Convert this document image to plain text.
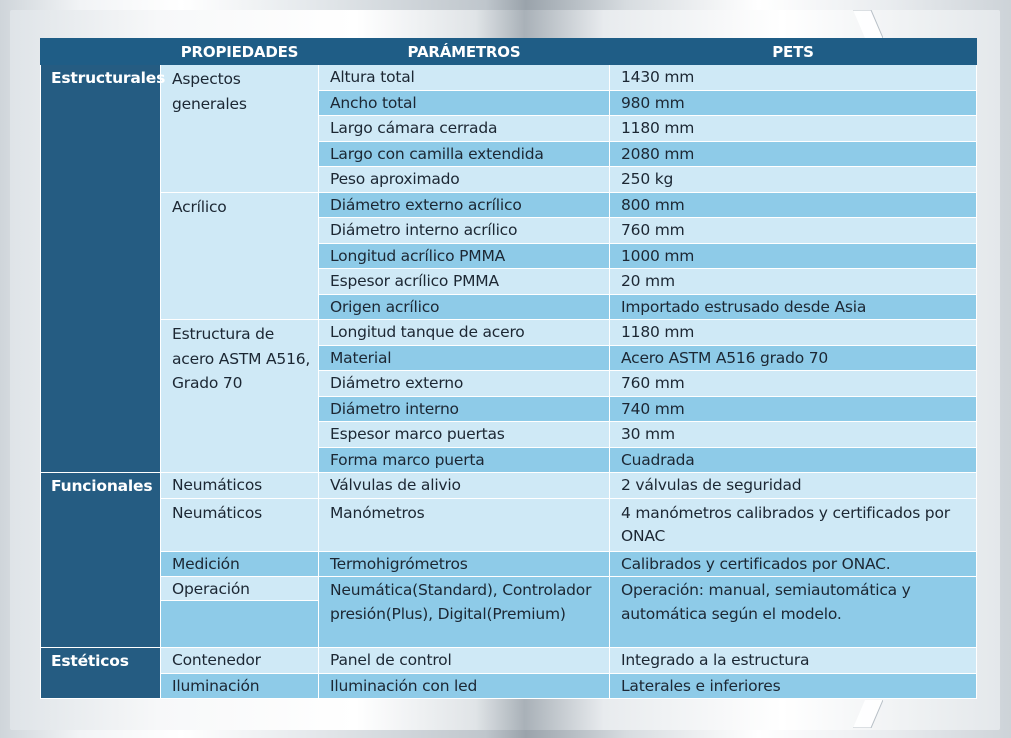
	PROPIEDADES	PARÁMETROS	PETS
Estructurales	Aspectos generales	Altura total	1430 mm
		Ancho total	980 mm
		Largo cámara cerrada	1180 mm
		Largo con camilla extendida	2080 mm
		Peso aproximado	250 kg
	Acrílico	Diámetro externo acrílico	800 mm
		Diámetro interno acrílico	760 mm
		Longitud acrílico PMMA	1000 mm
		Espesor acrílico PMMA	20 mm
		Origen acrílico	Importado estrusado desde Asia
	Estructura de acero ASTM A516, Grado 70	Longitud tanque de acero	1180 mm
		Material	Acero ASTM A516 grado 70
		Diámetro externo	760 mm
		Diámetro interno	740 mm
		Espesor marco puertas	30 mm
		Forma marco puerta	Cuadrada
Funcionales	Neumáticos	Válvulas de alivio	2 válvulas de seguridad
	Neumáticos	Manómetros	4 manómetros calibrados y certificados por ONAC
	Medición	Termohigrómetros	Calibrados y certificados por ONAC.

	Operación	Neumática(Standard), Controlador presión(Plus), Digital(Premium)	Operación: manual, semiautomática y automática según el modelo.
Estéticos	Contenedor	Panel de control	Integrado a la estructura
	Iluminación	Iluminación con led	Laterales e inferiores
